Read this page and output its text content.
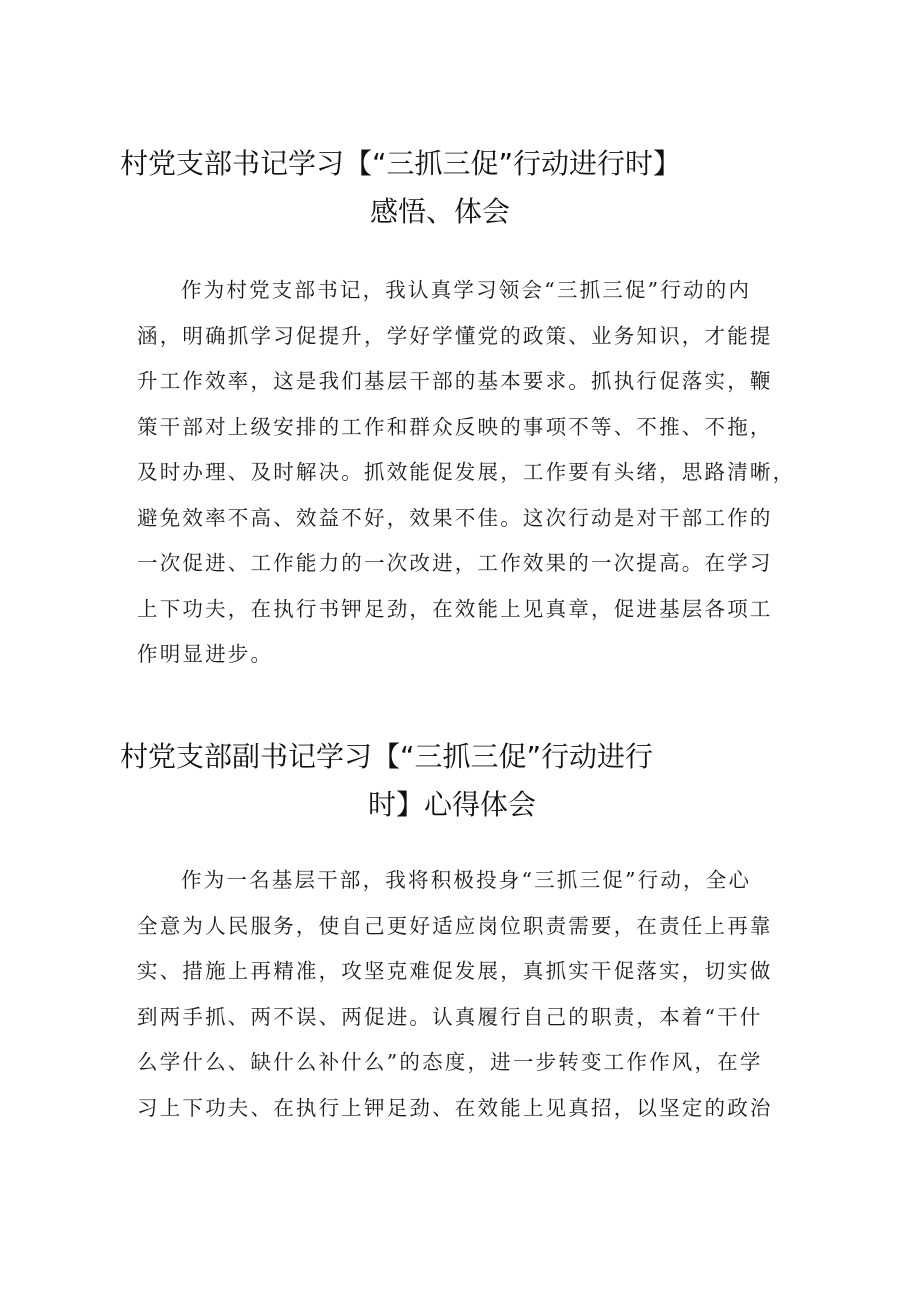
村党支部书记学习【“三抓三促”行动进行时】
感悟、体会
作为村党支部书记，我认真学习领会“三抓三促”行动的内
涵，明确抓学习促提升，学好学懂党的政策、业务知识，才能提
升工作效率，这是我们基层干部的基本要求。抓执行促落实，鞭
策干部对上级安排的工作和群众反映的事项不等、不推、不拖，
及时办理、及时解决。抓效能促发展，工作要有头绪，思路清晰，
避免效率不高、效益不好，效果不佳。这次行动是对干部工作的
一次促进、工作能力的一次改进，工作效果的一次提高。在学习
上下功夫，在执行书钾足劲，在效能上见真章，促进基层各项工
作明显进步。
村党支部副书记学习【“三抓三促”行动进行
时】心得体会
作为一名基层干部，我将积极投身“三抓三促”行动，全心
全意为人民服务，使自己更好适应岗位职责需要，在责任上再靠
实、措施上再精准，攻坚克难促发展，真抓实干促落实，切实做
到两手抓、两不误、两促进。认真履行自己的职责，本着“干什
么学什么、缺什么补什么”的态度，进一步转变工作作风，在学
习上下功夫、在执行上钾足劲、在效能上见真招，以坚定的政治
